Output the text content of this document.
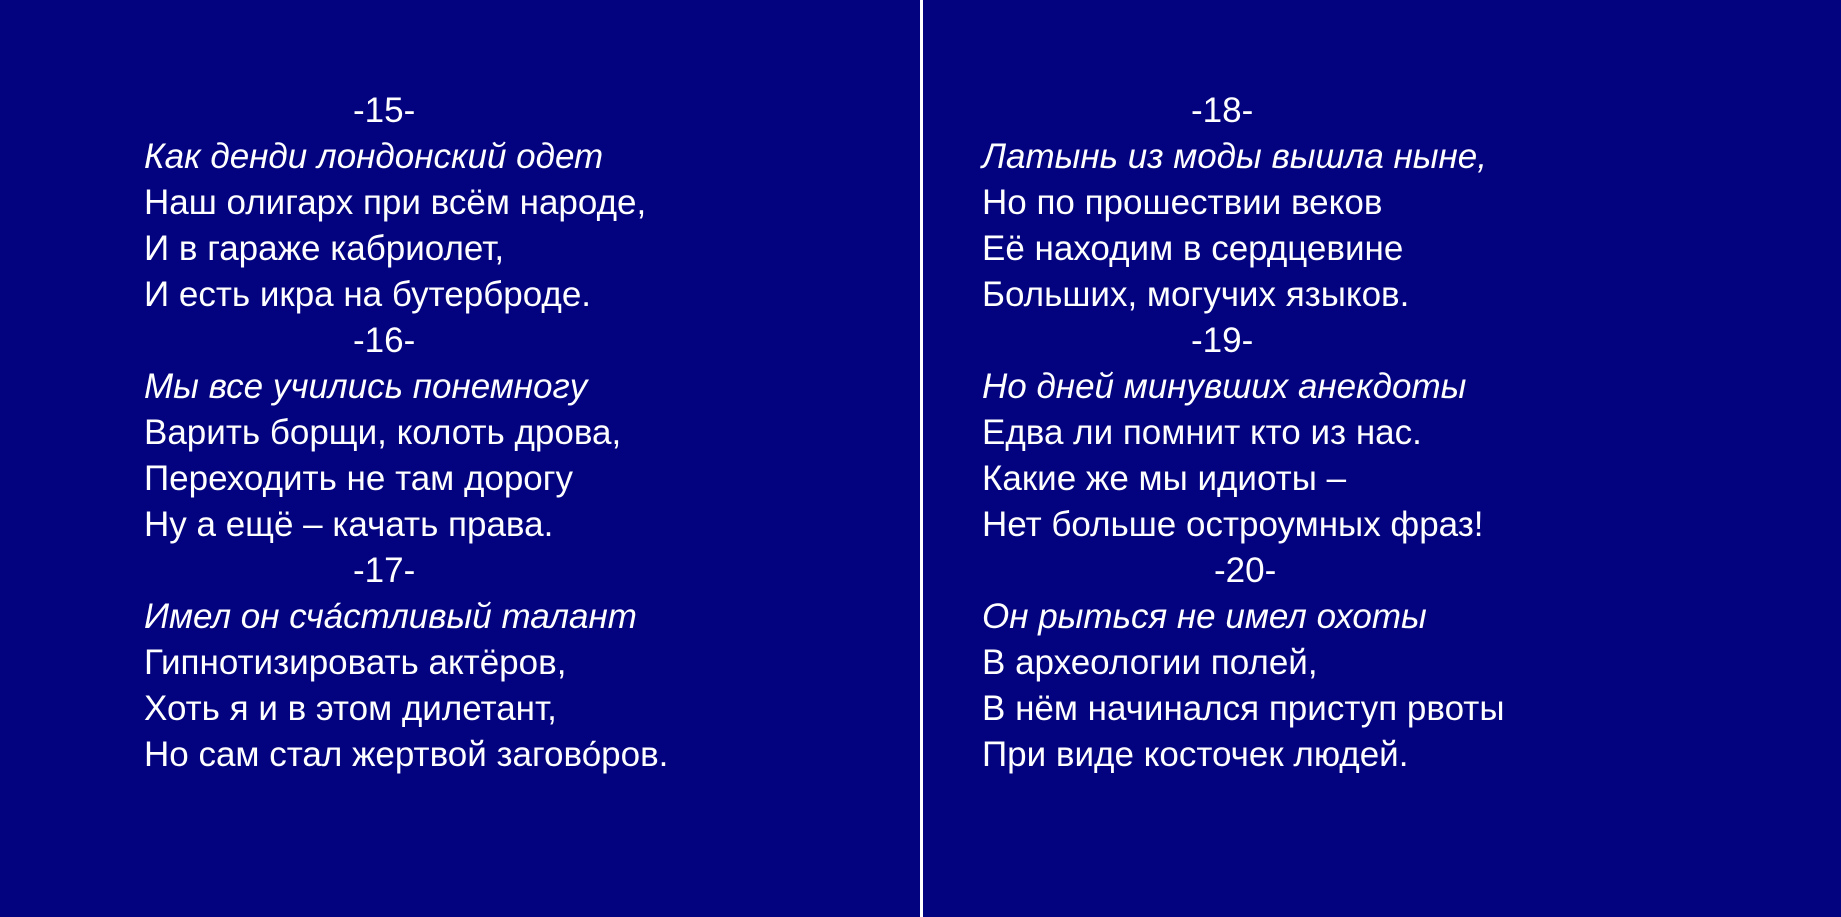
-15-
Как денди лондонский одет
Наш олигарх при всём народе,
И в гараже кабриолет,
И есть икра на бутерброде.
-16-
Мы все учились понемногу
Варить борщи, колоть дрова,
Переходить не там дорогу
Ну а ещё – качать права.
-17-
Имел он сча́стливый талант
Гипнотизировать актёров,
Хоть я и в этом дилетант,
Но сам стал жертвой загово́ров.
-18-
Латынь из моды вышла ныне,
Но по прошествии веков
Её находим в сердцевине
Больших, могучих языков.
-19-
Но дней минувших анекдоты
Едва ли помнит кто из нас.
Какие же мы идиоты –
Нет больше остроумных фраз!
-20-
Он рыться не имел охоты
В археологии полей,
В нём начинался приступ рвоты
При виде косточек людей.
